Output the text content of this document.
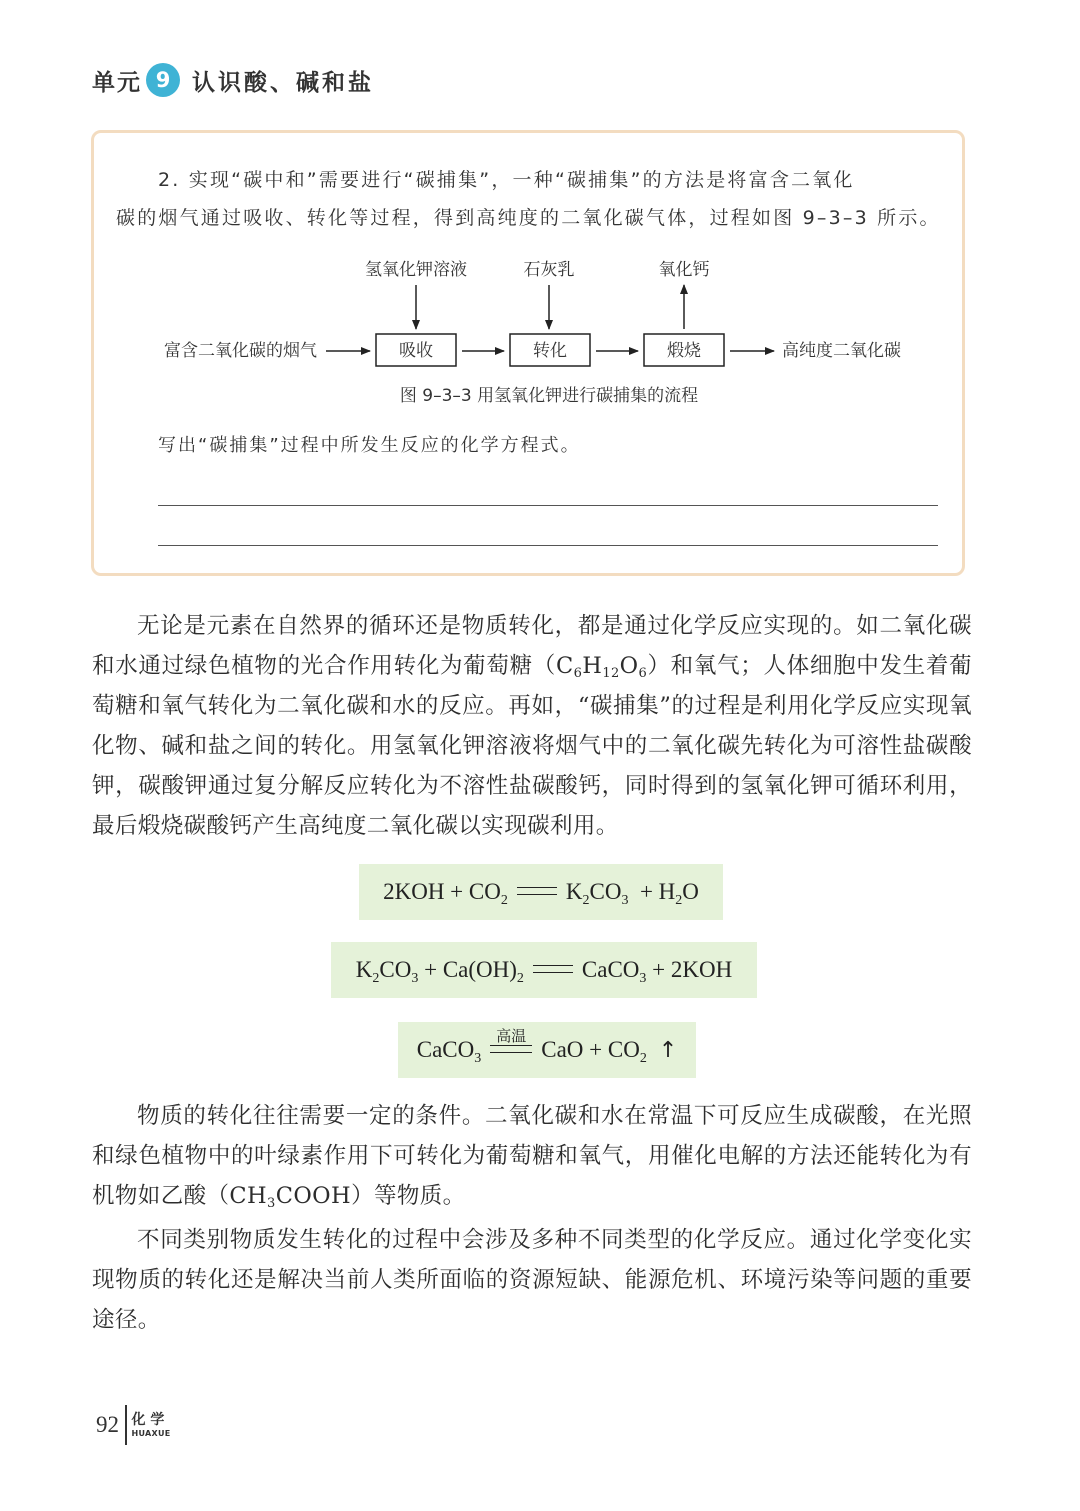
单元 9 认识酸、碱和盐
2. 实现“碳中和”需要进行“碳捕集”，一种“碳捕集”的方法是将富含二氧化
碳的烟气通过吸收、转化等过程，得到高纯度的二氧化碳气体，过程如图 9–3–3 所示。
氢氧化钾溶液	石灰乳	氧化钙
富含二氧化碳的烟气	吸收	转化	煅烧	高纯度二氧化碳
图 9–3–3 用氢氧化钾进行碳捕集的流程
写出“碳捕集”过程中所发生反应的化学方程式。
无论是元素在自然界的循环还是物质转化，都是通过化学反应实现的。如二氧化碳和水通过绿色植物的光合作用转化为葡萄糖$(C_6H_{12}O_6)$和氧气；人体细胞中发生着葡萄糖和氧气转化为二氧化碳和水的反应。再如，“碳捕集”的过程是利用化学反应实现氧化物、碱和盐之间的转化。用氢氧化钾溶液将烟气中的二氧化碳先转化为可溶性盐碳酸钾，碳酸钾通过复分解反应转化为不溶性盐碳酸钙，同时得到的氢氧化钾可循环利用，最后煅烧碳酸钙产生高纯度二氧化碳以实现碳利用。
$2KOH + CO_2$	$K_2CO_3 + H_2O$
$K_2CO_3 + Ca(OH)_2$	CaCO$_3$ + 2KOH
CaCO$_3$
高温
CaO + $CO_2$ ↑
物质的转化往往需要一定的条件。二氧化碳和水在常温下可反应生成碳酸，在光照和绿色植物中的叶绿素作用下可转化为葡萄糖和氧气，用催化电解的方法还能转化为有机物如乙酸$(CH_3COOH)$等物质。
不同类别物质发生转化的过程中会涉及多种不同类型的化学反应。通过化学变化实现物质的转化还是解决当前人类所面临的资源短缺、能源危机、环境污染等问题的重要途径。
92 化 学
HUAXUE
